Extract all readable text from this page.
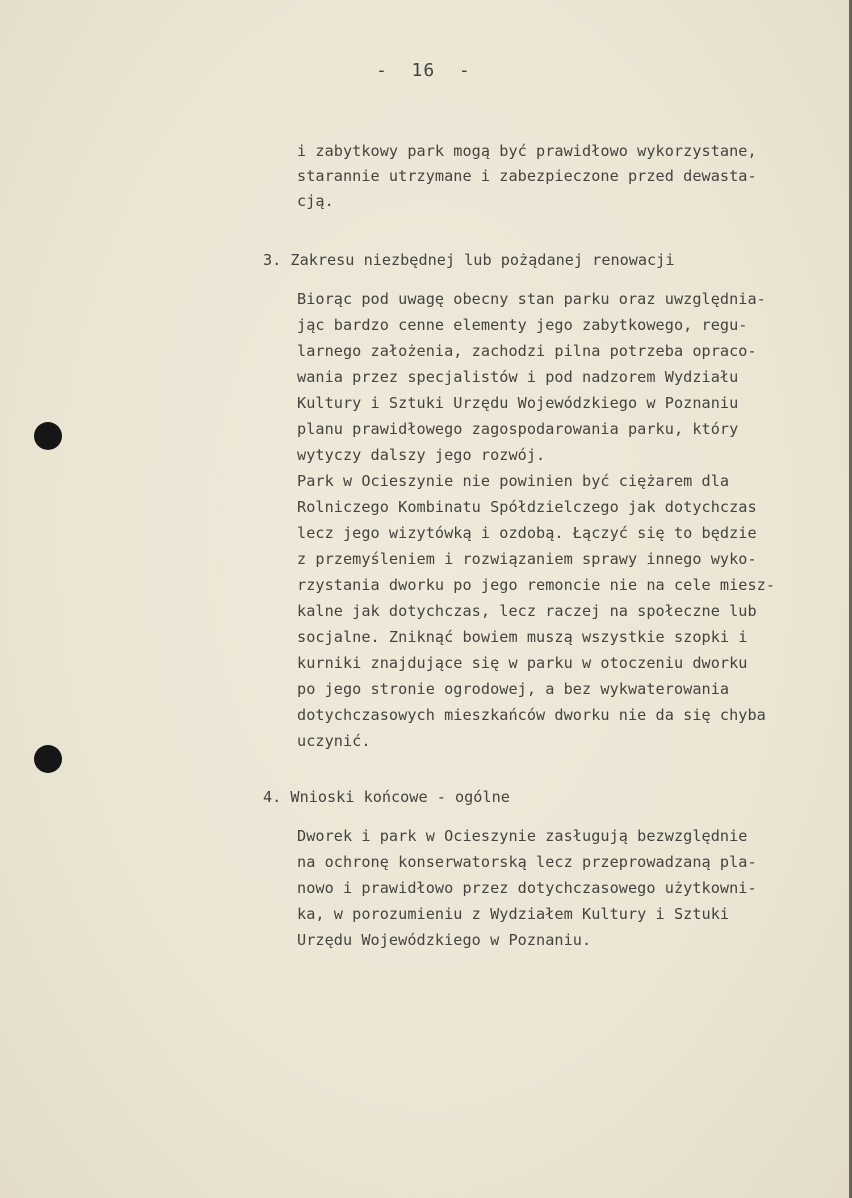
-  16  -
i zabytkowy park mogą być prawidłowo wykorzystane,
starannie utrzymane i zabezpieczone przed dewasta-
cją.
3. Zakresu niezbędnej lub pożądanej renowacji
Biorąc pod uwagę obecny stan parku oraz uwzględnia-
jąc bardzo cenne elementy jego zabytkowego, regu-
larnego założenia, zachodzi pilna potrzeba opraco-
wania przez specjalistów i pod nadzorem Wydziału
Kultury i Sztuki Urzędu Wojewódzkiego w Poznaniu
planu prawidłowego zagospodarowania parku, który
wytyczy dalszy jego rozwój.
Park w Ocieszynie nie powinien być ciężarem dla
Rolniczego Kombinatu Spółdzielczego jak dotychczas
lecz jego wizytówką i ozdobą. Łączyć się to będzie
z przemyśleniem i rozwiązaniem sprawy innego wyko-
rzystania dworku po jego remoncie nie na cele miesz-
kalne jak dotychczas, lecz raczej na społeczne lub
socjalne. Zniknąć bowiem muszą wszystkie szopki i
kurniki znajdujące się w parku w otoczeniu dworku
po jego stronie ogrodowej, a bez wykwaterowania
dotychczasowych mieszkańców dworku nie da się chyba
uczynić.
4. Wnioski końcowe - ogólne
Dworek i park w Ocieszynie zasługują bezwzględnie
na ochronę konserwatorską lecz przeprowadzaną pla-
nowo i prawidłowo przez dotychczasowego użytkowni-
ka, w porozumieniu z Wydziałem Kultury i Sztuki
Urzędu Wojewódzkiego w Poznaniu.
